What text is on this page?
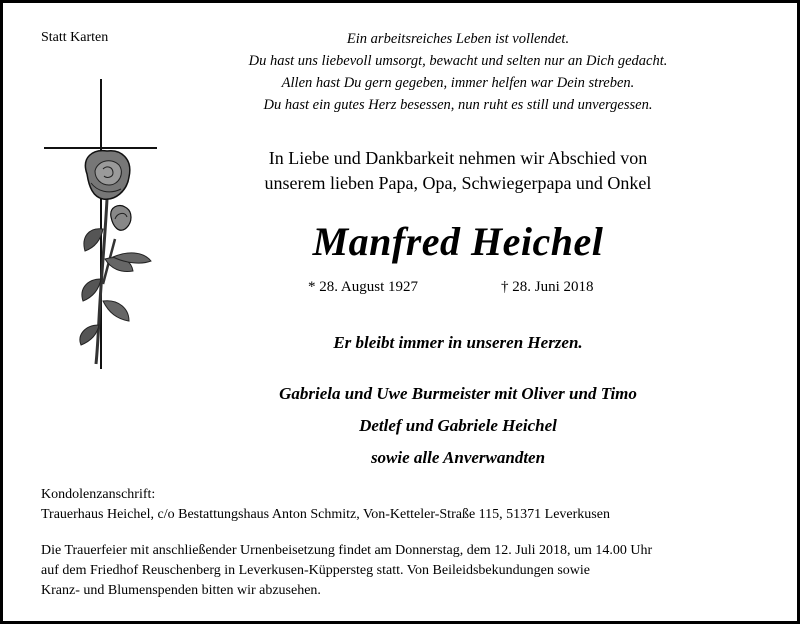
Statt Karten	Ein arbeitsreiches Leben ist vollendet.
Du hast uns liebevoll umsorgt, bewacht und selten nur an Dich gedacht.
Allen hast Du gern gegeben, immer helfen war Dein streben.
Du hast ein gutes Herz besessen, nun ruht es still und unvergessen.
In Liebe und Dankbarkeit nehmen wir Abschied von
unserem lieben Papa, Opa, Schwiegerpapa und Onkel
Manfred Heichel
* 28. August 1927	† 28. Juni 2018
Er bleibt immer in unseren Herzen.
Gabriela und Uwe Burmeister mit Oliver und Timo
Detlef und Gabriele Heichel
sowie alle Anverwandten
Kondolenzanschrift:
Trauerhaus Heichel, c/o Bestattungshaus Anton Schmitz, Von-Ketteler-Straße 115, 51371 Leverkusen
Die Trauerfeier mit anschließender Urnenbeisetzung findet am Donnerstag, dem 12. Juli 2018, um 14.00 Uhr
auf dem Friedhof Reuschenberg in Leverkusen-Küppersteg statt. Von Beileidsbekundungen sowie
Kranz- und Blumenspenden bitten wir abzusehen.
